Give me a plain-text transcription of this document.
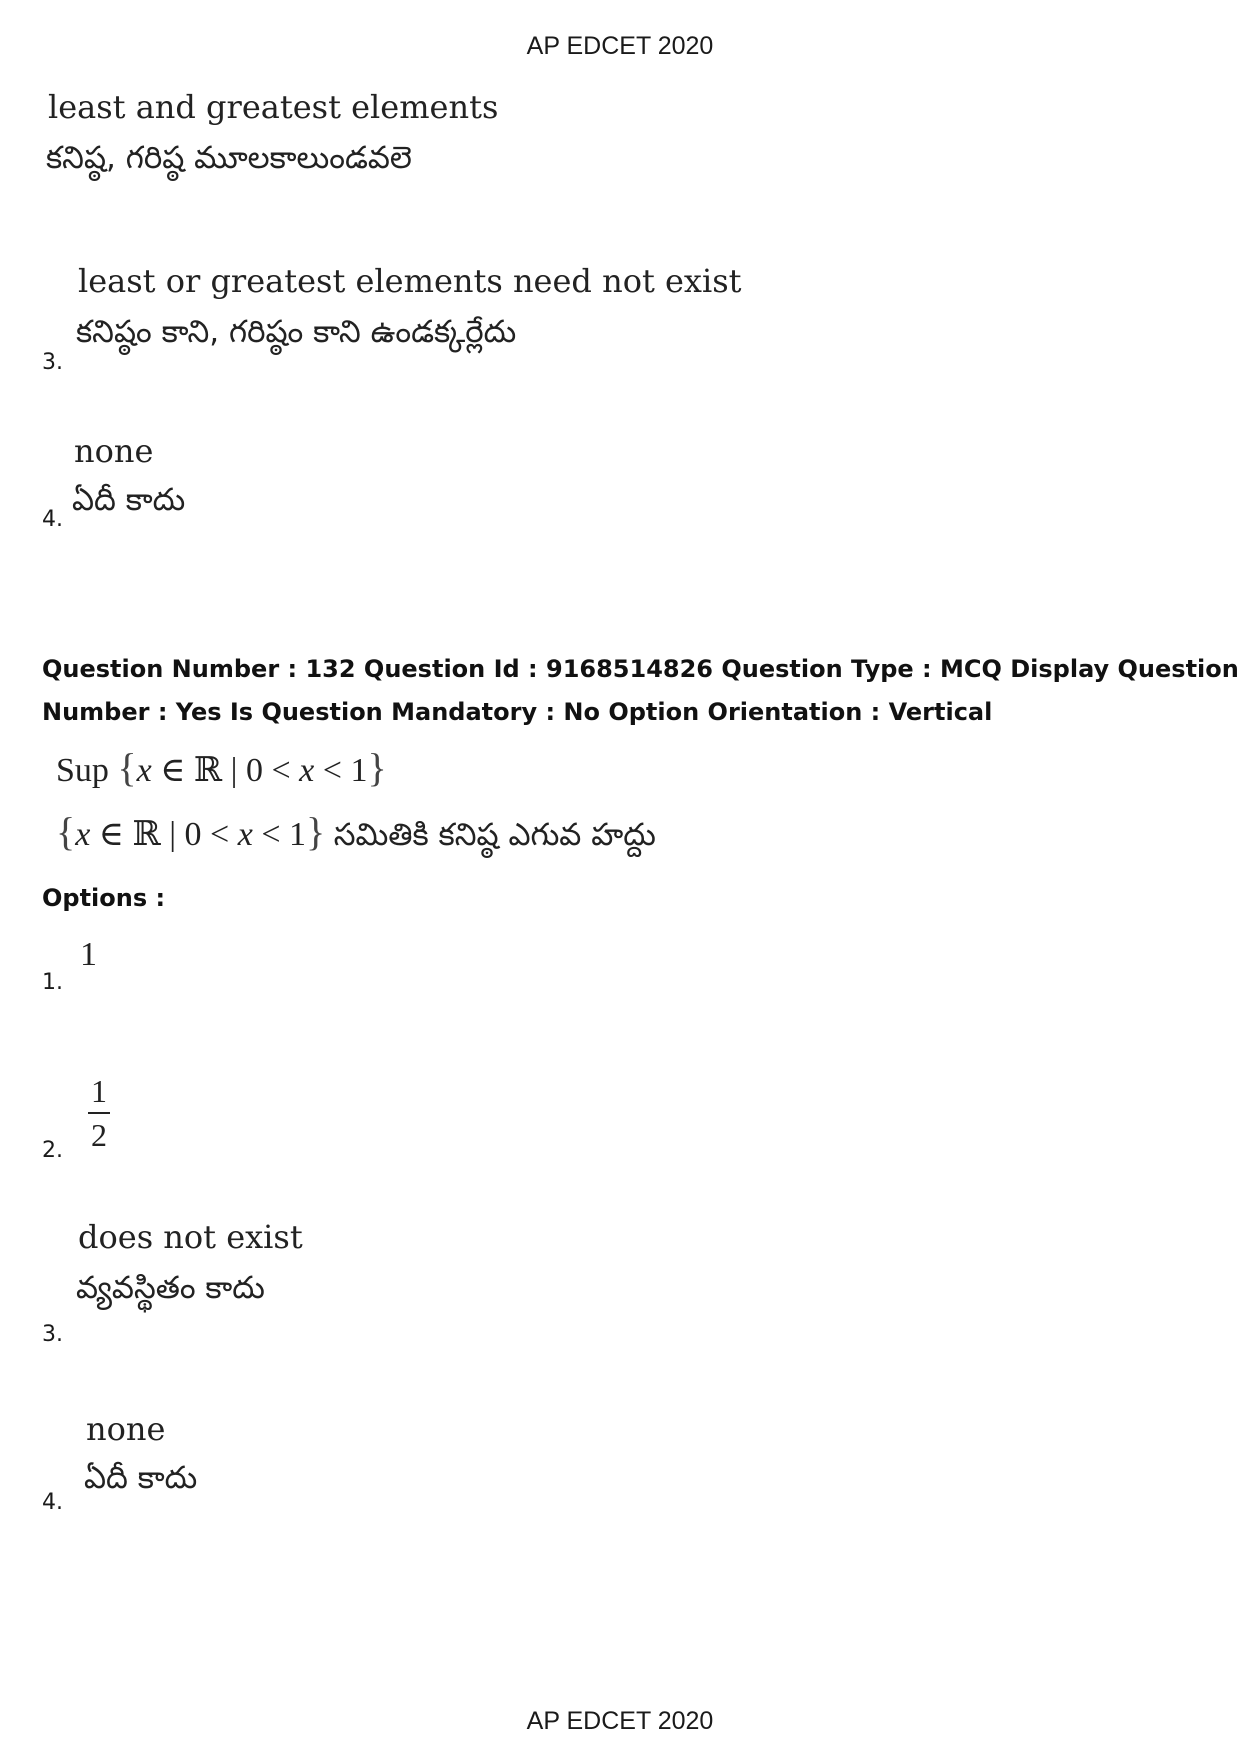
AP EDCET 2020
least and greatest elements
కనిష్ఠ, గరిష్ఠ మూలకాలుండవలె
least or greatest elements need not exist
కనిష్ఠం కాని, గరిష్ఠం కాని ఉండక్కర్లేదు
3.
none
ఏదీ కాదు
4.
Question Number : 132 Question Id : 9168514826 Question Type : MCQ Display Question
Number : Yes Is Question Mandatory : No Option Orientation : Vertical
Sup {x ∈ ℝ | 0 < x < 1}
{x ∈ ℝ | 0 < x < 1} సమితికి కనిష్ఠ ఎగువ హద్దు
Options :
1
1.
$\frac{1}{2}$
2.
does not exist
వ్యవస్థితం కాదు
3.
none
ఏదీ కాదు
4.
AP EDCET 2020
